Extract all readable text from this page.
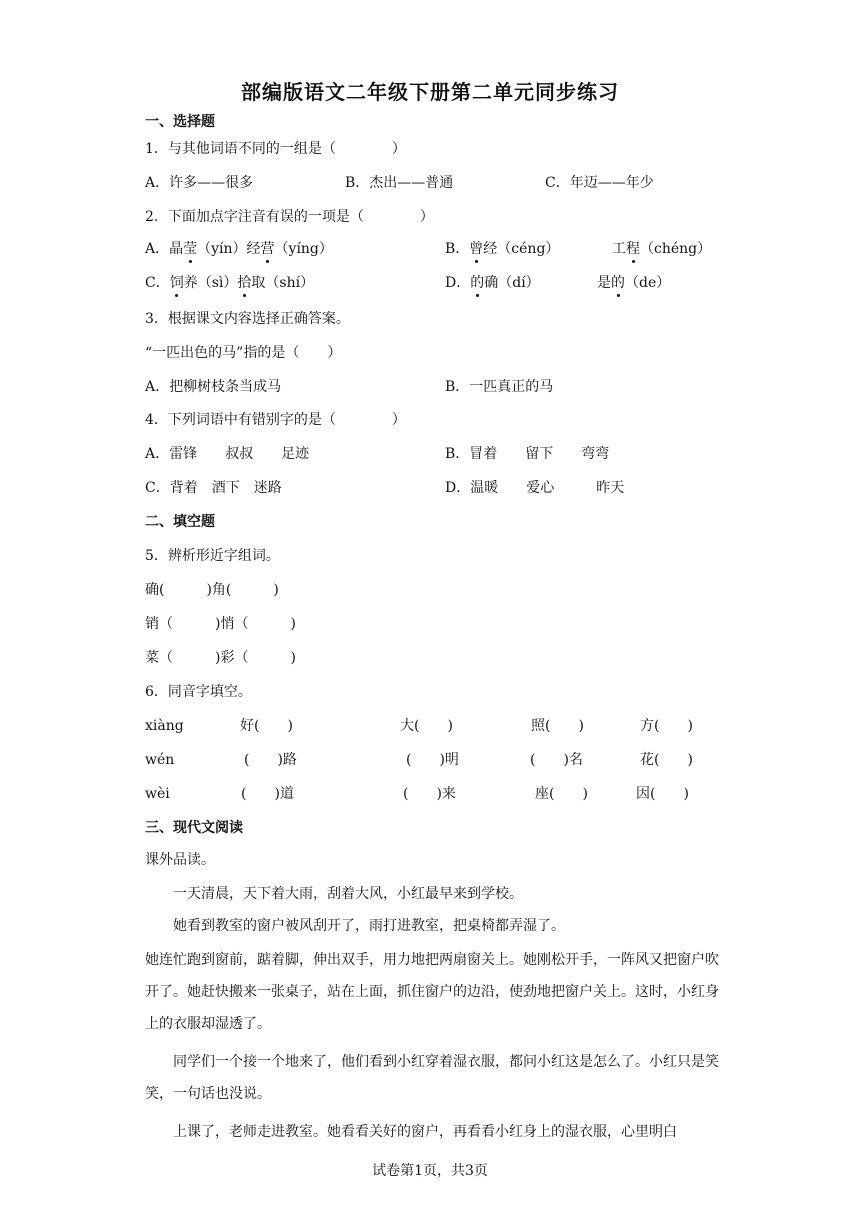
部编版语文二年级下册第二单元同步练习
一、选择题
1．与其他词语不同的一组是（　　　　）
A．许多——很多	B．杰出——普通	C．年迈——年少
2．下面加点字注音有误的一项是（　　　　）
A．晶莹（yín）经营（yíng）	B．曾经（céng）	工程（chéng）
C．饲养（sì）拾取（shí）	D．的确（dí）	是的（de）
3．根据课文内容选择正确答案。
“一匹出色的马”指的是（　　）
A．把柳树枝条当成马	B．一匹真正的马
4．下列词语中有错别字的是（　　　　）
A．雷锋　　叔叔　　足迹	B．冒着　　留下　　弯弯
C．背着　酒下　迷路	D．温暖　　爱心　　　昨天
二、填空题
5．辨析形近字组词。
确(　　　)角(　　　)
销（　　　)悄（　　　)
菜（　　　)彩（　　　)
6．同音字填空。
xiàng	好(　　)	大(　　)	照(　　)	方(　　)
wén	(　　)路	(　　)明	(　　)名	花(　　)
wèi	(　　)道	(　　)来	座(　　)	因(　　)
三、现代文阅读
课外品读。
一天清晨，天下着大雨，刮着大风，小红最早来到学校。
她看到教室的窗户被风刮开了，雨打进教室，把桌椅都弄湿了。
她连忙跑到窗前，踮着脚，伸出双手，用力地把两扇窗关上。她刚松开手，一阵风又把窗户吹开了。她赶快搬来一张桌子，站在上面，抓住窗户的边沿，使劲地把窗户关上。这时，小红身上的衣服却湿透了。
同学们一个接一个地来了，他们看到小红穿着湿衣服，都问小红这是怎么了。小红只是笑笑，一句话也没说。
上课了，老师走进教室。她看看关好的窗户，再看看小红身上的湿衣服，心里明白
试卷第1页，共3页
